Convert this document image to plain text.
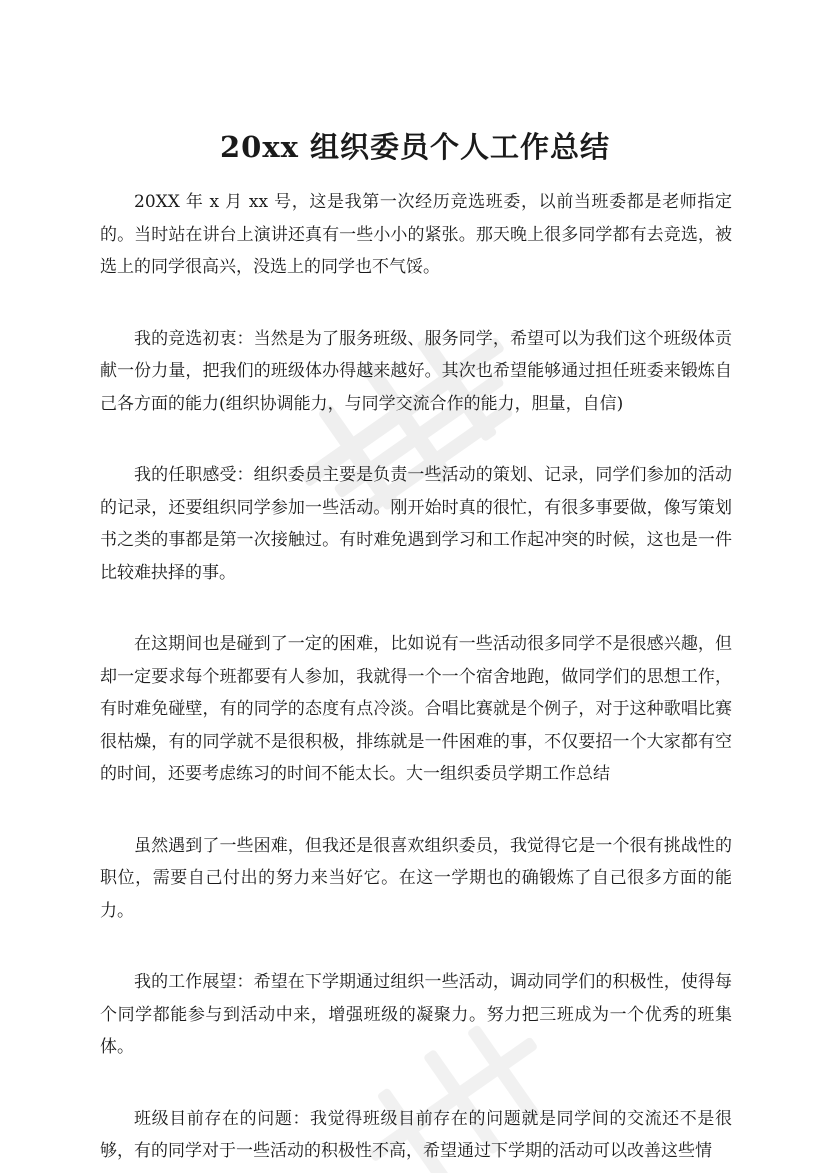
20xx 组织委员个人工作总结

20XX 年 x 月 xx 号，这是我第一次经历竞选班委，以前当班委都是老师指定的。当时站在讲台上演讲还真有一些小小的紧张。那天晚上很多同学都有去竞选，被选上的同学很高兴，没选上的同学也不气馁。

我的竞选初衷：当然是为了服务班级、服务同学，希望可以为我们这个班级体贡献一份力量，把我们的班级体办得越来越好。其次也希望能够通过担任班委来锻炼自己各方面的能力(组织协调能力，与同学交流合作的能力，胆量，自信)

我的任职感受：组织委员主要是负责一些活动的策划、记录，同学们参加的活动的记录，还要组织同学参加一些活动。刚开始时真的很忙，有很多事要做，像写策划书之类的事都是第一次接触过。有时难免遇到学习和工作起冲突的时候，这也是一件比较难抉择的事。

在这期间也是碰到了一定的困难，比如说有一些活动很多同学不是很感兴趣，但却一定要求每个班都要有人参加，我就得一个一个宿舍地跑，做同学们的思想工作，有时难免碰壁，有的同学的态度有点冷淡。合唱比赛就是个例子，对于这种歌唱比赛很枯燥，有的同学就不是很积极，排练就是一件困难的事，不仅要招一个大家都有空的时间，还要考虑练习的时间不能太长。大一组织委员学期工作总结

虽然遇到了一些困难，但我还是很喜欢组织委员，我觉得它是一个很有挑战性的职位，需要自己付出的努力来当好它。在这一学期也的确锻炼了自己很多方面的能力。

我的工作展望：希望在下学期通过组织一些活动，调动同学们的积极性，使得每个同学都能参与到活动中来，增强班级的凝聚力。努力把三班成为一个优秀的班集体。

班级目前存在的问题：我觉得班级目前存在的问题就是同学间的交流还不是很够，有的同学对于一些活动的积极性不高，希望通过下学期的活动可以改善这些情
